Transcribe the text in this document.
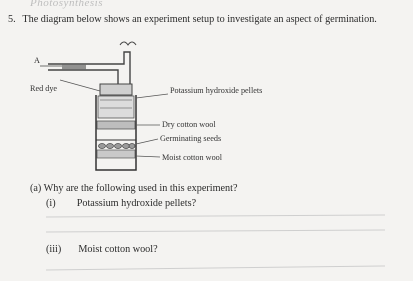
Photosynthesis
5. The diagram below shows an experiment setup to investigate an aspect of germination.
A
Red dye	Potassium hydroxide pellets
Dry cotton wool
Germinating seeds
Moist cotton wool
(a) Why are the following used in this experiment?
(i) Potassium hydroxide pellets?
(iii) Moist cotton wool?
